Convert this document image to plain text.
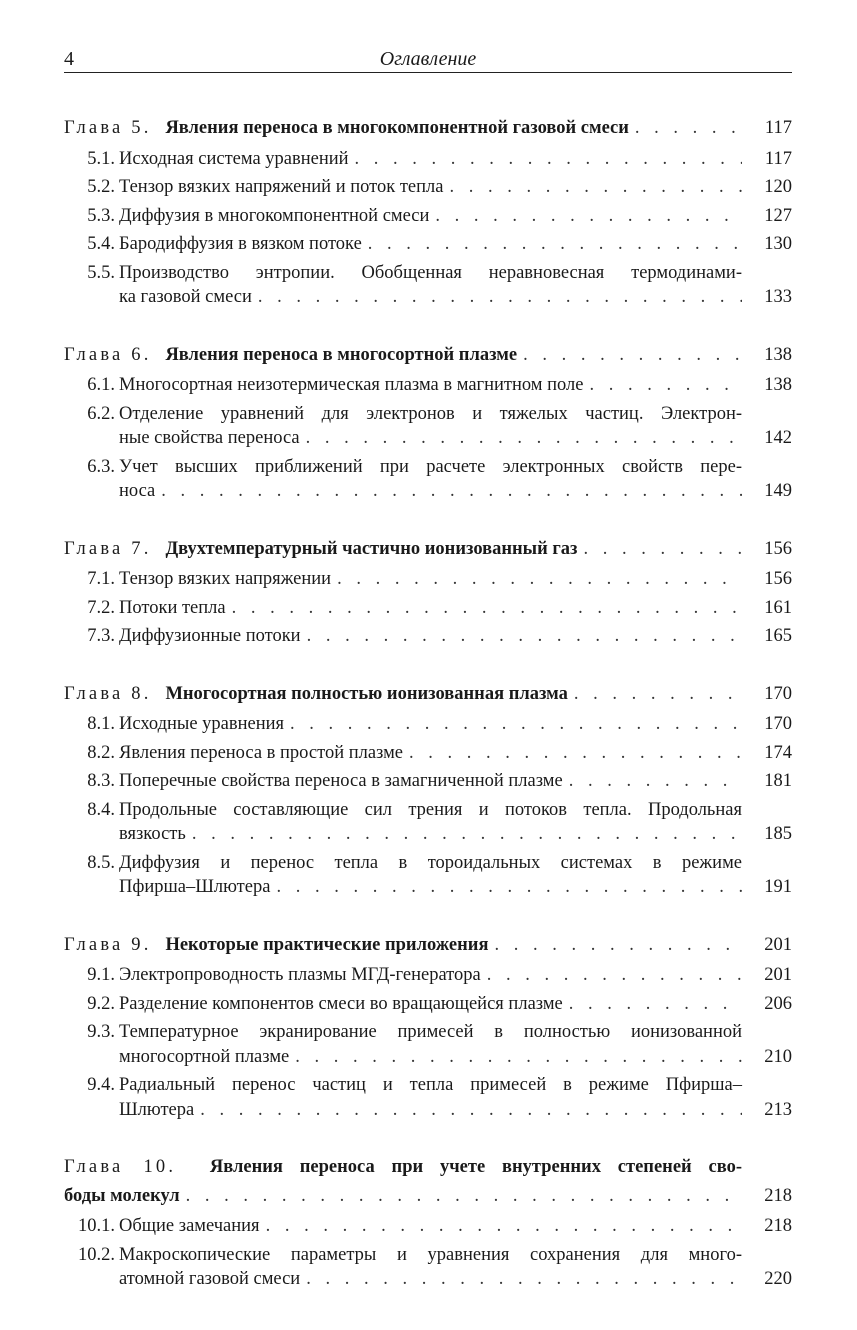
4	Оглавление
Глава 5.   Явления переноса в многокомпонентной газовой смеси . . .	117
5.1. Исходная система уравнений . . .	117
5.2. Тензор вязких напряжений и поток тепла . . .	120
5.3. Диффузия в многокомпонентной смеси . . .	127
5.4. Бародиффузия в вязком потоке . . .	130
5.5. Производство энтропии. Обобщенная неравновесная термодинами-
ка газовой смеси . . .	133
Глава 6.   Явления переноса в многосортной плазме . . .	138
6.1. Многосортная неизотермическая плазма в магнитном поле . . .	138
6.2. Отделение уравнений для электронов и тяжелых частиц. Электрон-
ные свойства переноса . . .	142
6.3. Учет высших приближений при расчете электронных свойств пере-
носа . . .	149
Глава 7.   Двухтемпературный частично ионизованный газ . . .	156
7.1. Тензор вязких напряжении . . .	156
7.2. Потоки тепла . . .	161
7.3. Диффузионные потоки . . .	165
Глава 8.   Многосортная полностью ионизованная плазма . . .	170
8.1. Исходные уравнения . . .	170
8.2. Явления переноса в простой плазме . . .	174
8.3. Поперечные свойства переноса в замагниченной плазме . . .	181
8.4. Продольные составляющие сил трения и потоков тепла. Продольная
вязкость . . .	185
8.5. Диффузия и перенос тепла в тороидальных системах в режиме
Пфирша–Шлютера . . .	191
Глава 9.   Некоторые практические приложения . . .	201
9.1. Электропроводность плазмы МГД-генератора . . .	201
9.2. Разделение компонентов смеси во вращающейся плазме . . .	206
9.3. Температурное экранирование примесей в полностью ионизованной
многосортной плазме . . .	210
9.4. Радиальный перенос частиц и тепла примесей в режиме Пфирша–
Шлютера . . .	213
Глава 10. Явления переноса при учете внутренних степеней сво-
боды молекул . . .	218
10.1. Общие замечания . . .	218
10.2. Макроскопические параметры и уравнения сохранения для много-
атомной газовой смеси . . .	220
